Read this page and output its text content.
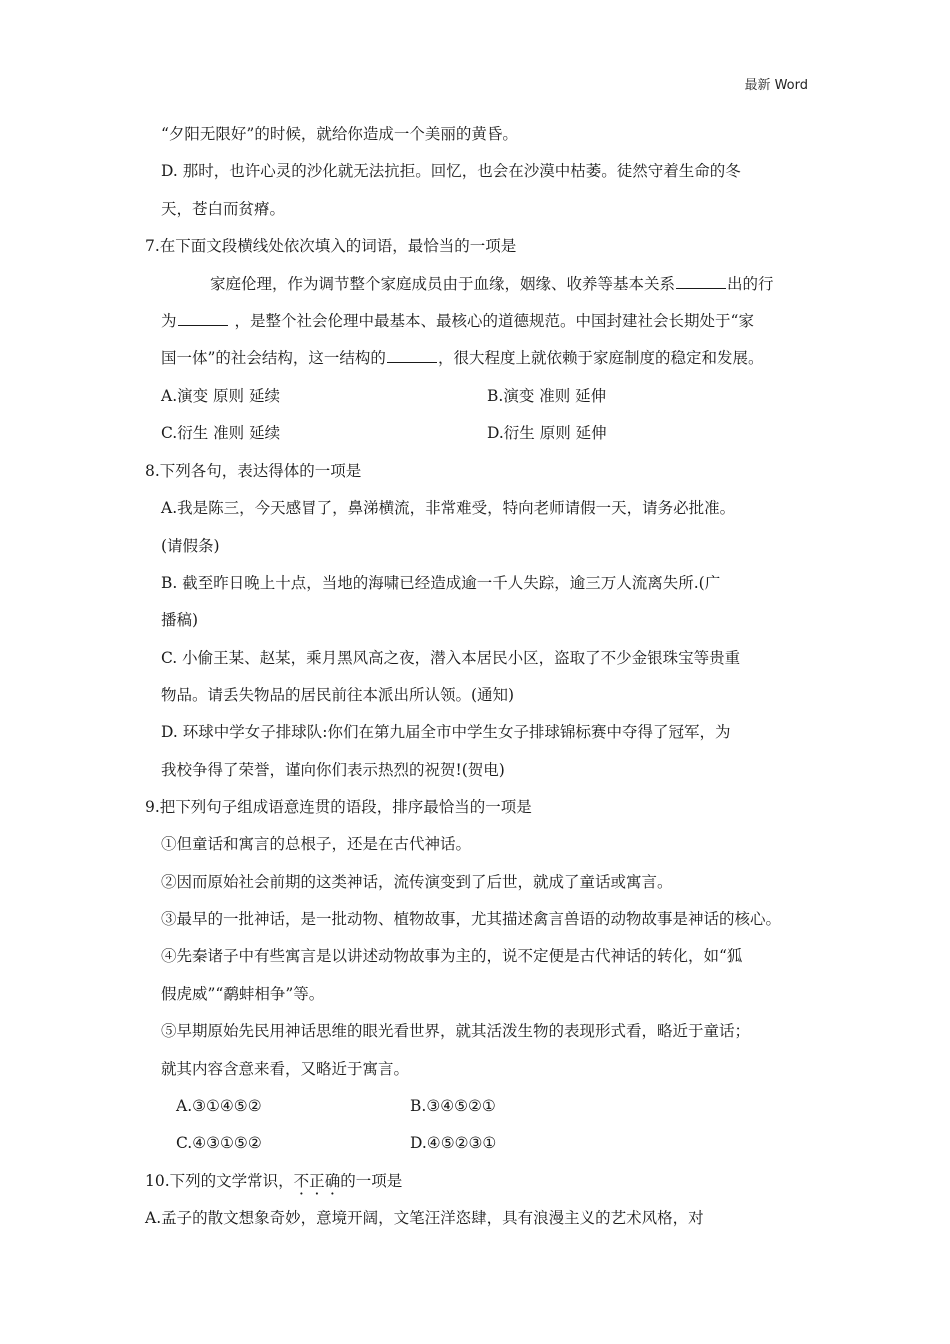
最新 Word
“夕阳无限好”的时候，就给你造成一个美丽的黄昏。
D. 那时，也许心灵的沙化就无法抗拒。回忆，也会在沙漠中枯萎。徒然守着生命的冬
天，苍白而贫瘠。
7.在下面文段横线处依次填入的词语，最恰当的一项是
家庭伦理，作为调节整个家庭成员由于血缘，姻缘、收养等基本关系	出的行
为	，是整个社会伦理中最基本、最核心的道德规范。中国封建社会长期处于“家
国一体”的社会结构，这一结构的	，很大程度上就依赖于家庭制度的稳定和发展。
A.演变 原则 延续	B.演变 准则 延伸
C.衍生 准则 延续	D.衍生 原则 延伸
8.下列各句，表达得体的一项是
A.我是陈三，今天感冒了，鼻涕横流，非常难受，特向老师请假一天，请务必批准。
(请假条)
B. 截至昨日晚上十点，当地的海啸已经造成逾一千人失踪，逾三万人流离失所.(广
播稿)
C. 小偷王某、赵某，乘月黑风高之夜，潜入本居民小区，盗取了不少金银珠宝等贵重
物品。请丢失物品的居民前往本派出所认领。(通知)
D. 环球中学女子排球队:你们在第九届全市中学生女子排球锦标赛中夺得了冠军，为
我校争得了荣誉，谨向你们表示热烈的祝贺!(贺电)
9.把下列句子组成语意连贯的语段，排序最恰当的一项是
①但童话和寓言的总根子，还是在古代神话。
②因而原始社会前期的这类神话，流传演变到了后世，就成了童话或寓言。
③最早的一批神话，是一批动物、植物故事，尤其描述禽言兽语的动物故事是神话的核心。
④先秦诸子中有些寓言是以讲述动物故事为主的，说不定便是古代神话的转化，如“狐
假虎威”“鹬蚌相争”等。
⑤早期原始先民用神话思维的眼光看世界，就其活泼生物的表现形式看，略近于童话；
就其内容含意来看，又略近于寓言。
A.③①④⑤②	B.③④⑤②①
C.④③①⑤②	D.④⑤②③①
10.下列的文学常识，不正确的一项是
A.孟子的散文想象奇妙，意境开阔，文笔汪洋恣肆，具有浪漫主义的艺术风格，对
